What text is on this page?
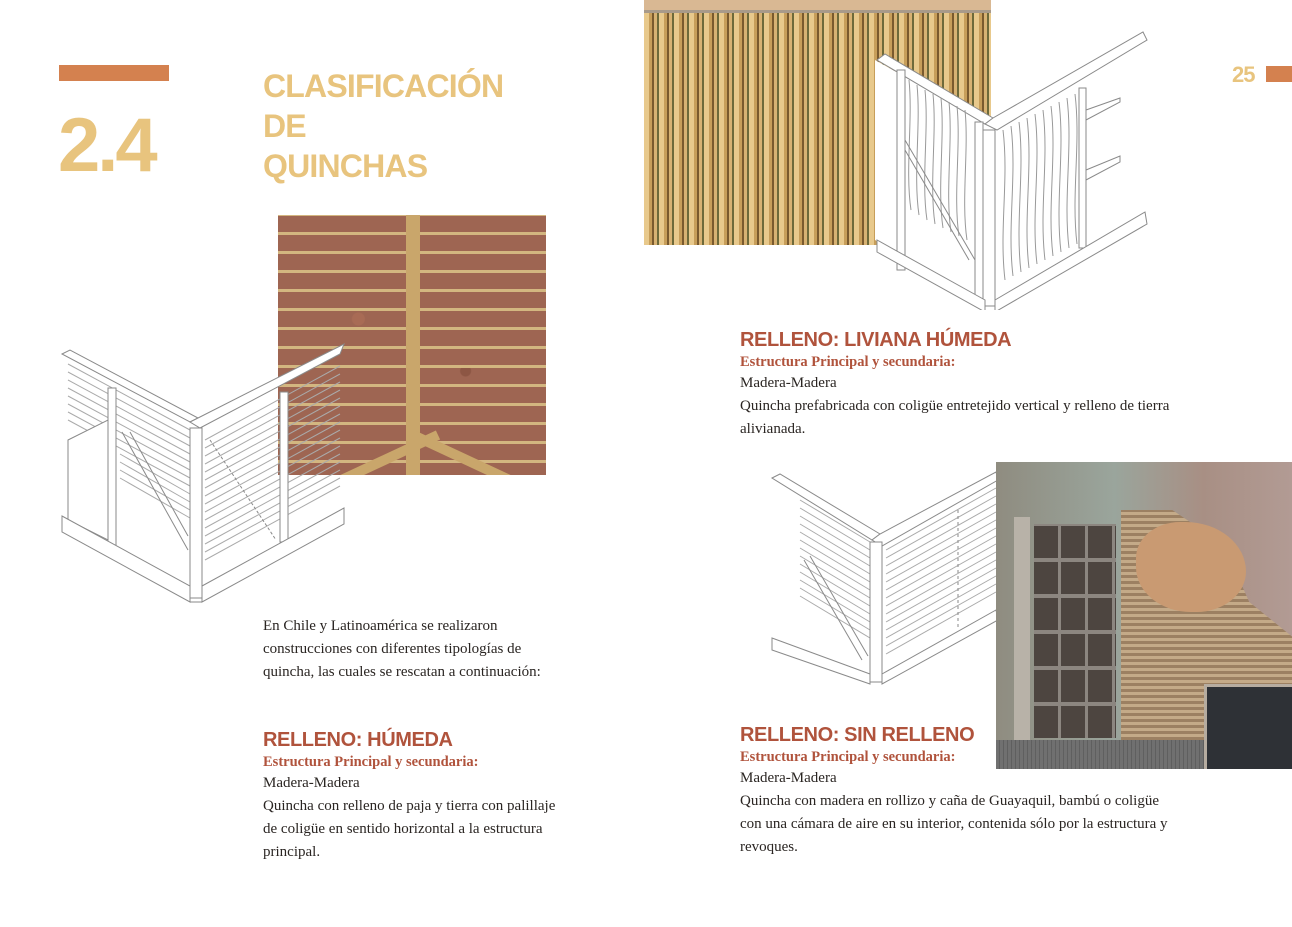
2.4
CLASIFICACIÓN
DE
QUINCHAS
25
RELLENO: LIVIANA HÚMEDA
Estructura Principal y secundaria:
Madera-Madera
Quincha prefabricada con coligüe entretejido vertical y relleno de tierra alivianada.
En Chile y Latinoamérica se realizaron construcciones con diferentes tipologías de quincha, las cuales se rescatan a continuación:
RELLENO: HÚMEDA
Estructura Principal y secundaria:
Madera-Madera
Quincha con relleno de paja y tierra con palillaje de coligüe en sentido horizontal a la estructura principal.
RELLENO: SIN RELLENO
Estructura Principal y secundaria:
Madera-Madera
Quincha con madera en rollizo y caña de Guayaquil, bambú o coligüe con una cámara de aire en su interior, contenida sólo por la estructura y revoques.
